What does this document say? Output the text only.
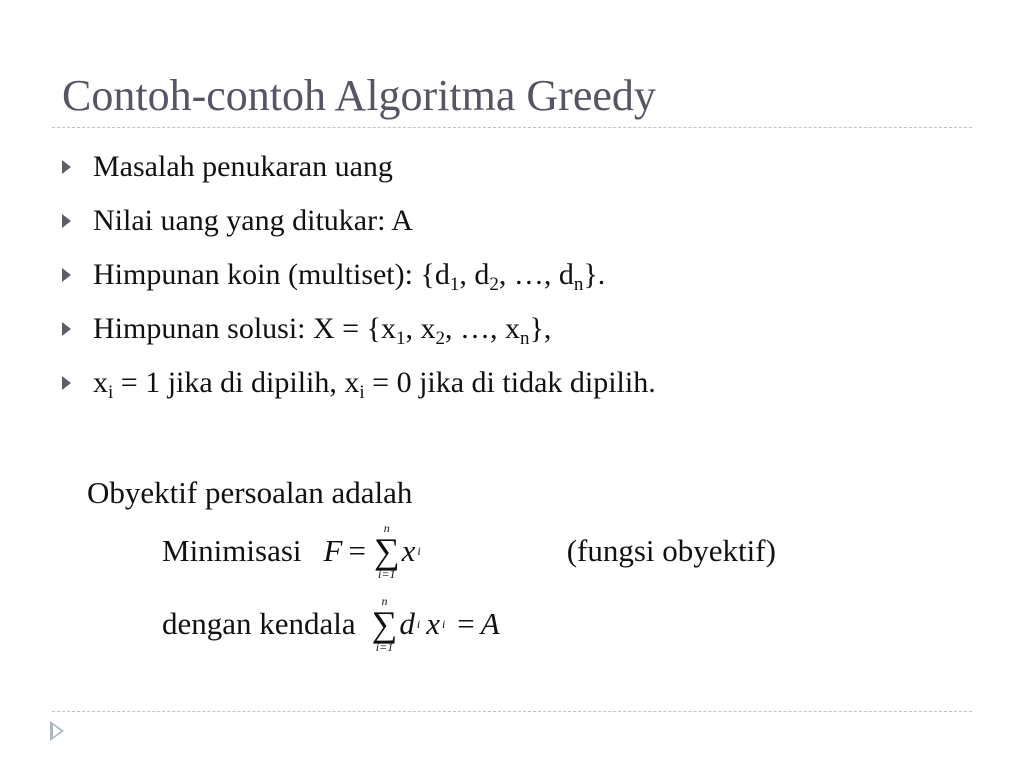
Contoh-contoh Algoritma Greedy
Masalah penukaran uang
Nilai uang yang ditukar: A
Himpunan koin (multiset): {$d_1$, $d_2$, …, $d_n$}.
Himpunan solusi: $X = \{x_1$, $x_2$, …, $x_n$},
$x_i = 1$ jika di dipilih, $x_i = 0$ jika di tidak dipilih.
Obyektif persoalan adalah
Minimisasi F =
n
∑
i=1
x i	(fungsi obyektif)
dengan kendala
n
∑
i=1
d i x i = A
